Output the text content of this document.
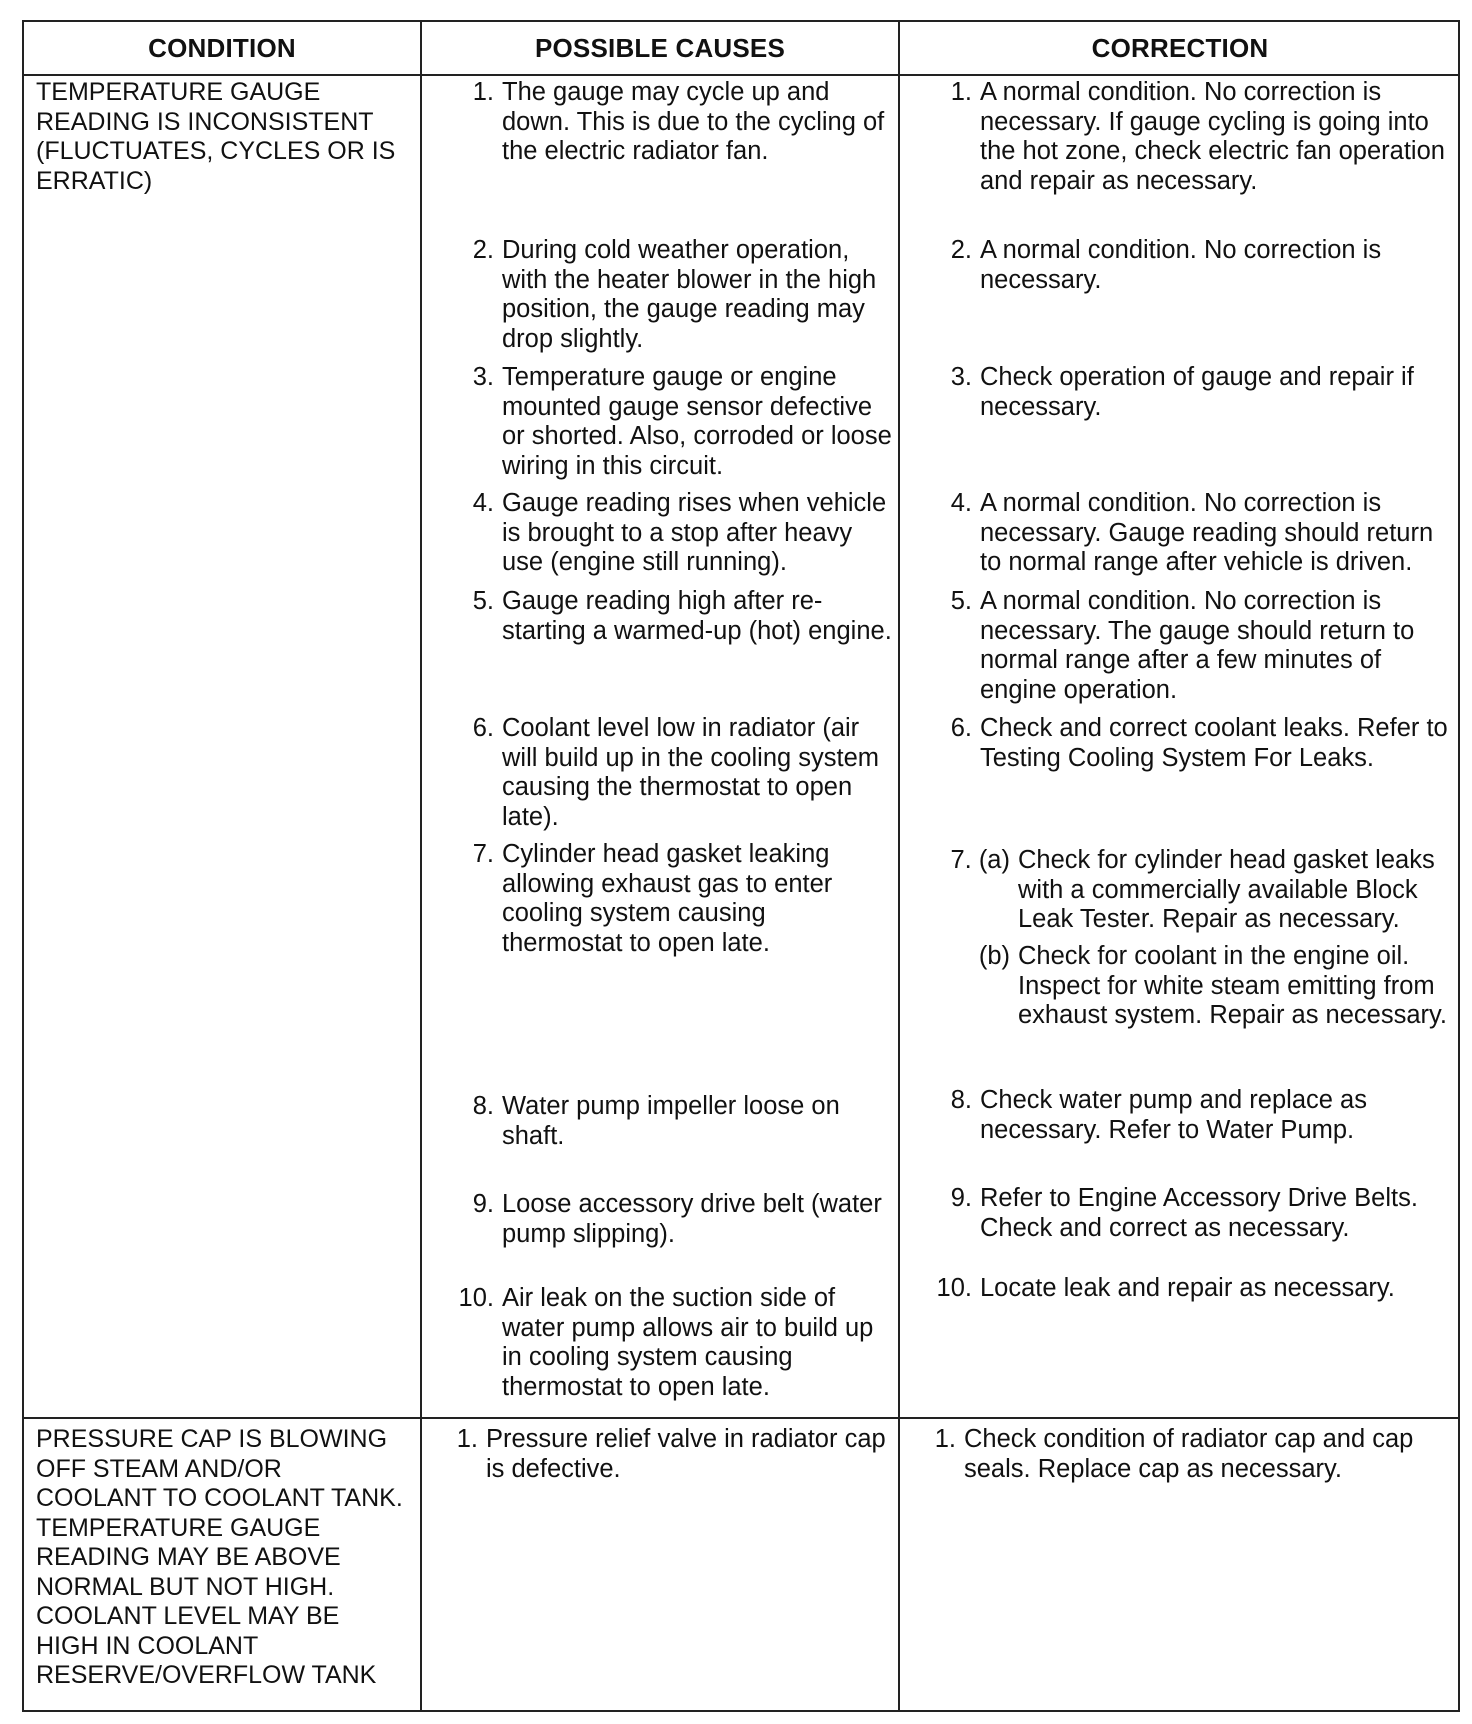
CONDITION	POSSIBLE CAUSES	CORRECTION
TEMPERATURE GAUGE READING IS INCONSISTENT (FLUCTUATES, CYCLES OR IS ERRATIC)
1. The gauge may cycle up and down. This is due to the cycling of the electric radiator fan.
2. During cold weather operation, with the heater blower in the high position, the gauge reading may drop slightly.
3. Temperature gauge or engine mounted gauge sensor defective or shorted. Also, corroded or loose wiring in this circuit.
4. Gauge reading rises when vehicle is brought to a stop after heavy use (engine still running).
5. Gauge reading high after re-starting a warmed-up (hot) engine.
6. Coolant level low in radiator (air will build up in the cooling system causing the thermostat to open late).
7. Cylinder head gasket leaking allowing exhaust gas to enter cooling system causing thermostat to open late.
8. Water pump impeller loose on shaft.
9. Loose accessory drive belt (water pump slipping).
10. Air leak on the suction side of water pump allows air to build up in cooling system causing thermostat to open late.
1. A normal condition. No correction is necessary. If gauge cycling is going into the hot zone, check electric fan operation and repair as necessary.
2. A normal condition. No correction is necessary.
3. Check operation of gauge and repair if necessary.
4. A normal condition. No correction is necessary. Gauge reading should return to normal range after vehicle is driven.
5. A normal condition. No correction is necessary. The gauge should return to normal range after a few minutes of engine operation.
6. Check and correct coolant leaks. Refer to Testing Cooling System For Leaks.
7. (a) Check for cylinder head gasket leaks with a commercially available Block Leak Tester. Repair as necessary.
(b) Check for coolant in the engine oil. Inspect for white steam emitting from exhaust system. Repair as necessary.
8. Check water pump and replace as necessary. Refer to Water Pump.
9. Refer to Engine Accessory Drive Belts. Check and correct as necessary.
10. Locate leak and repair as necessary.
PRESSURE CAP IS BLOWING OFF STEAM AND/OR COOLANT TO COOLANT TANK. TEMPERATURE GAUGE READING MAY BE ABOVE NORMAL BUT NOT HIGH. COOLANT LEVEL MAY BE HIGH IN COOLANT RESERVE/OVERFLOW TANK
1. Pressure relief valve in radiator cap is defective.
1. Check condition of radiator cap and cap seals. Replace cap as necessary.
